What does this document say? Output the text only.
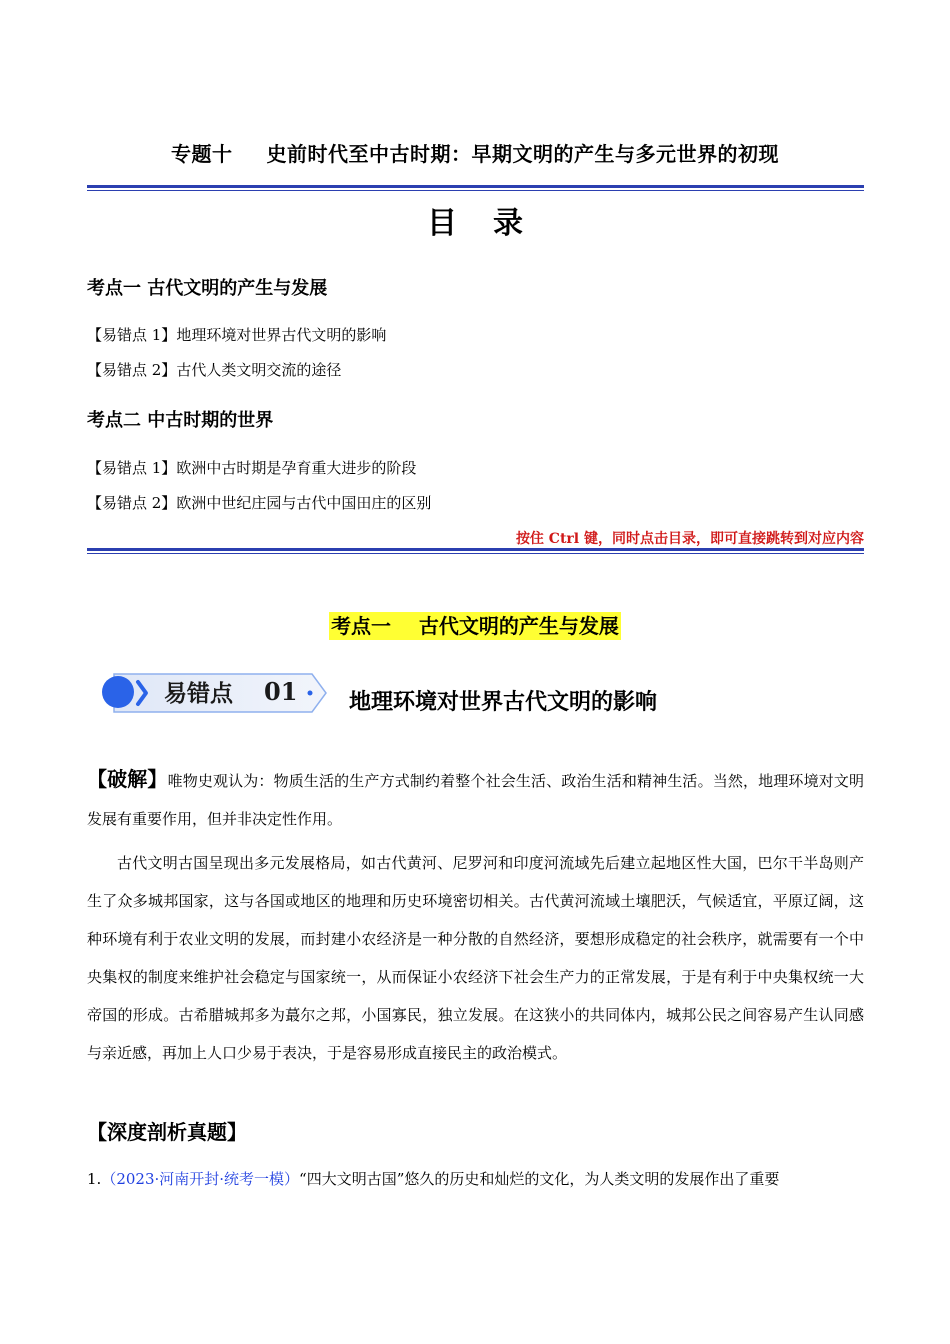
专题十 史前时代至中古时期：早期文明的产生与多元世界的初现
目 录
考点一 古代文明的产生与发展
【易错点 1】地理环境对世界古代文明的影响
【易错点 2】古代人类文明交流的途径
考点二 中古时期的世界
【易错点 1】欧洲中古时期是孕育重大进步的阶段
【易错点 2】欧洲中世纪庄园与古代中国田庄的区别
按住 Ctrl 键，同时点击目录，即可直接跳转到对应内容
考点一    古代文明的产生与发展
易错点 01 地理环境对世界古代文明的影响
【破解】唯物史观认为：物质生活的生产方式制约着整个社会生活、政治生活和精神生活。当然，地理环境对文明发展有重要作用，但并非决定性作用。
古代文明古国呈现出多元发展格局，如古代黄河、尼罗河和印度河流域先后建立起地区性大国，巴尔干半岛则产生了众多城邦国家，这与各国或地区的地理和历史环境密切相关。古代黄河流域土壤肥沃，气候适宜，平原辽阔，这种环境有利于农业文明的发展，而封建小农经济是一种分散的自然经济，要想形成稳定的社会秩序，就需要有一个中央集权的制度来维护社会稳定与国家统一，从而保证小农经济下社会生产力的正常发展，于是有利于中央集权统一大帝国的形成。古希腊城邦多为蕞尔之邦，小国寡民，独立发展。在这狭小的共同体内，城邦公民之间容易产生认同感与亲近感，再加上人口少易于表决，于是容易形成直接民主的政治模式。
【深度剖析真题】
1.（2023·河南开封·统考一模）“四大文明古国”悠久的历史和灿烂的文化，为人类文明的发展作出了重要
